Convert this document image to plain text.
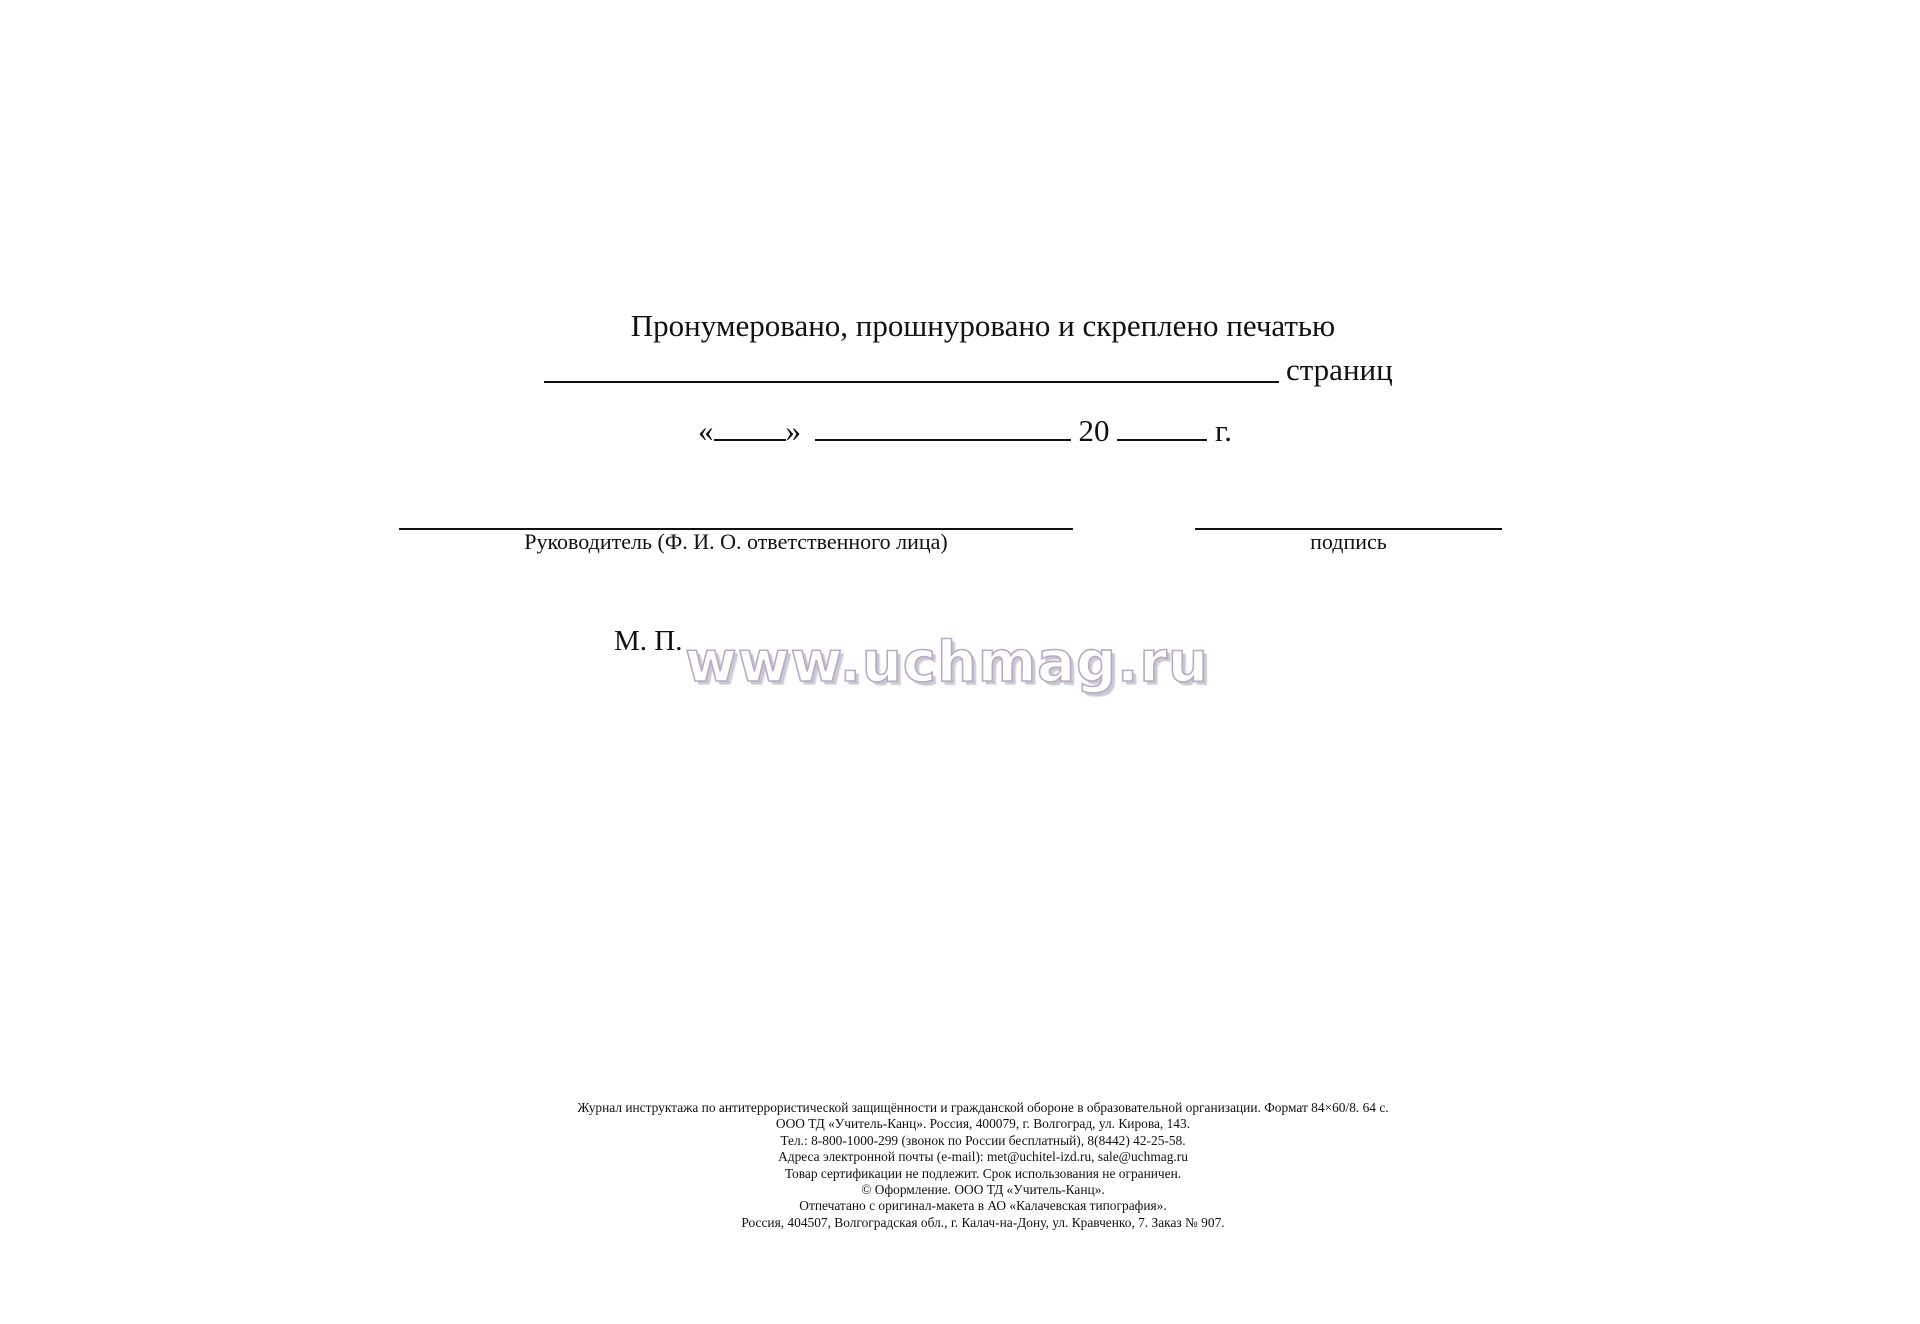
Пронумеровано, прошнуровано и скреплено печатью
страниц
« »	20	г.
Руководитель (Ф. И. О. ответственного лица)	подпись
М. П. www.uchmag.ru
Журнал инструктажа по антитеррористической защищённости и гражданской обороне в образовательной организации. Формат 84×60/8. 64 с.
ООО ТД «Учитель-Канц». Россия, 400079, г. Волгоград, ул. Кирова, 143.
Тел.: 8-800-1000-299 (звонок по России бесплатный), 8(8442) 42-25-58.
Адреса электронной почты (e-mail): met@uchitel-izd.ru, sale@uchmag.ru
Товар сертификации не подлежит. Срок использования не ограничен.
© Оформление. ООО ТД «Учитель-Канц».
Отпечатано с оригинал-макета в АО «Калачевская типография».
Россия, 404507, Волгоградская обл., г. Калач-на-Дону, ул. Кравченко, 7. Заказ № 907.
